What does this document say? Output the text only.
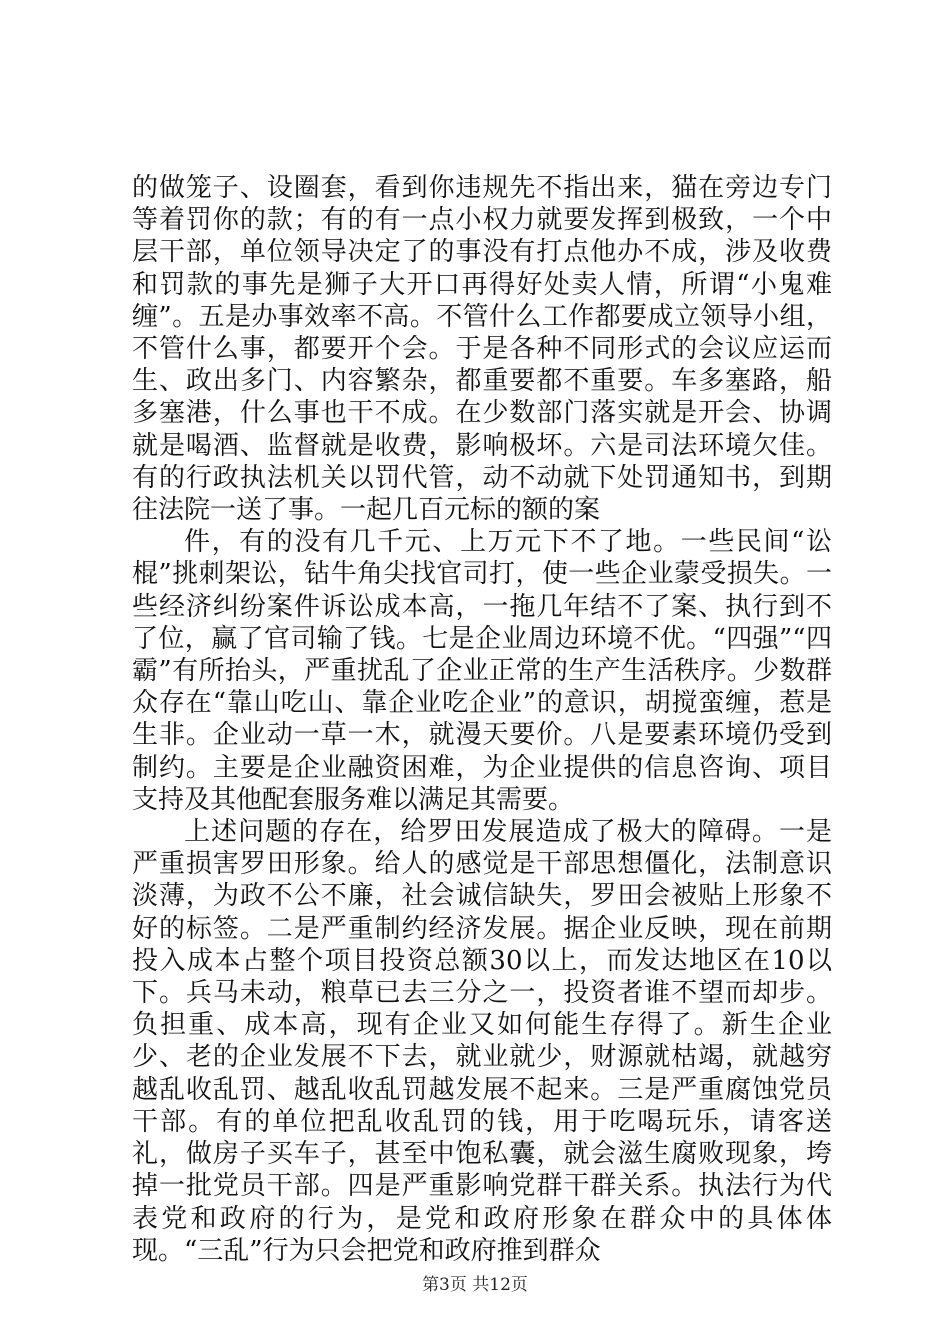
的做笼子、设圈套，看到你违规先不指出来，猫在旁边专门等着罚你的款；有的有一点小权力就要发挥到极致，一个中层干部，单位领导决定了的事没有打点他办不成，涉及收费和罚款的事先是狮子大开口再得好处卖人情，所谓“小鬼难缠”。五是办事效率不高。不管什么工作都要成立领导小组，不管什么事，都要开个会。于是各种不同形式的会议应运而生、政出多门、内容繁杂，都重要都不重要。车多塞路，船多塞港，什么事也干不成。在少数部门落实就是开会、协调就是喝酒、监督就是收费，影响极坏。六是司法环境欠佳。有的行政执法机关以罚代管，动不动就下处罚通知书，到期往法院一送了事。一起几百元标的额的案

件，有的没有几千元、上万元下不了地。一些民间“讼棍”挑刺架讼，钻牛角尖找官司打，使一些企业蒙受损失。一些经济纠纷案件诉讼成本高，一拖几年结不了案、执行到不了位，赢了官司输了钱。七是企业周边环境不优。“四强”“四霸”有所抬头，严重扰乱了企业正常的生产生活秩序。少数群众存在“靠山吃山、靠企业吃企业”的意识，胡搅蛮缠，惹是生非。企业动一草一木，就漫天要价。八是要素环境仍受到制约。主要是企业融资困难，为企业提供的信息咨询、项目支持及其他配套服务难以满足其需要。

上述问题的存在，给罗田发展造成了极大的障碍。一是严重损害罗田形象。给人的感觉是干部思想僵化，法制意识淡薄，为政不公不廉，社会诚信缺失，罗田会被贴上形象不好的标签。二是严重制约经济发展。据企业反映，现在前期投入成本占整个项目投资总额30以上，而发达地区在10以下。兵马未动，粮草已去三分之一，投资者谁不望而却步。负担重、成本高，现有企业又如何能生存得了。新生企业少、老的企业发展不下去，就业就少，财源就枯竭，就越穷越乱收乱罚、越乱收乱罚越发展不起来。三是严重腐蚀党员干部。有的单位把乱收乱罚的钱，用于吃喝玩乐，请客送礼，做房子买车子，甚至中饱私囊，就会滋生腐败现象，垮掉一批党员干部。四是严重影响党群干群关系。执法行为代表党和政府的行为，是党和政府形象在群众中的具体体现。“三乱”行为只会把党和政府推到群众

第3页 共12页
